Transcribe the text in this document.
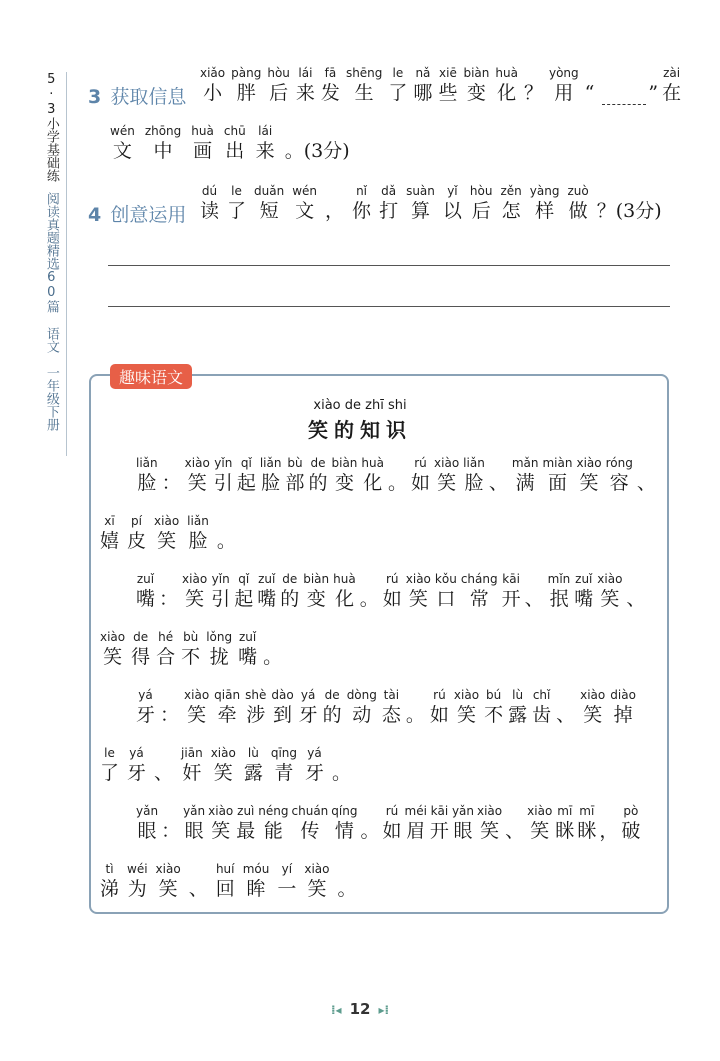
5·3小学基础练 阅读真题精选60篇 语文 一年级下册
3 获取信息
xiǎo
小
pàng
胖
hòu
后
lái
来
fā
发
shēng
生
le
了
nǎ
哪
xiē
些
biàn
变
huà
化 ？
yòng
用 “	”
zài
在
wén
文
zhōng
中
huà
画
chū
出
lái
来 。(3分)
4 创意运用
dú
读
le
了
duǎn
短
wén
文 ，
nǐ
你
dǎ
打
suàn
算
yǐ
以
hòu
后
zěn
怎
yàng
样
zuò
做 ？(3分)
趣味语文
xiào de zhī shi
笑的知识
liǎn
脸 ：
xiào
笑
yǐn
引
qǐ
起
liǎn
脸
bù
部
de
的
biàn
变
huà
化 。
rú
如
xiào
笑
liǎn
脸 、
mǎn
满
miàn
面
xiào
笑
róng
容 、
xī
嬉
pí
皮
xiào
笑
liǎn
脸 。
zuǐ
嘴 ：
xiào
笑
yǐn
引
qǐ
起
zuǐ
嘴
de
的
biàn
变
huà
化 。
rú
如
xiào
笑
kǒu
口
cháng
常
kāi
开 、
mǐn
抿
zuǐ
嘴
xiào
笑 、
xiào
笑
de
得
hé
合
bù
不
lǒng
拢
zuǐ
嘴 。
yá
牙 ：
xiào
笑
qiān
牵
shè
涉
dào
到
yá
牙
de
的
dòng
动
tài
态 。
rú
如
xiào
笑
bú
不
lù
露
chǐ
齿 、
xiào
笑
diào
掉
le
了
yá
牙 、
jiān
奸
xiào
笑
lù
露
qīng
青
yá
牙 。
yǎn
眼 ：
yǎn
眼
xiào
笑
zuì
最
néng
能
chuán
传
qíng
情 。
rú
如
méi
眉
kāi
开
yǎn
眼
xiào
笑 、
xiào
笑
mī
眯
mī
眯 ，
pò
破
tì
涕
wéi
为
xiào
笑 、
huí
回
móu
眸
yí
一
xiào
笑 。
⁞◂ 12 ▸⁞
